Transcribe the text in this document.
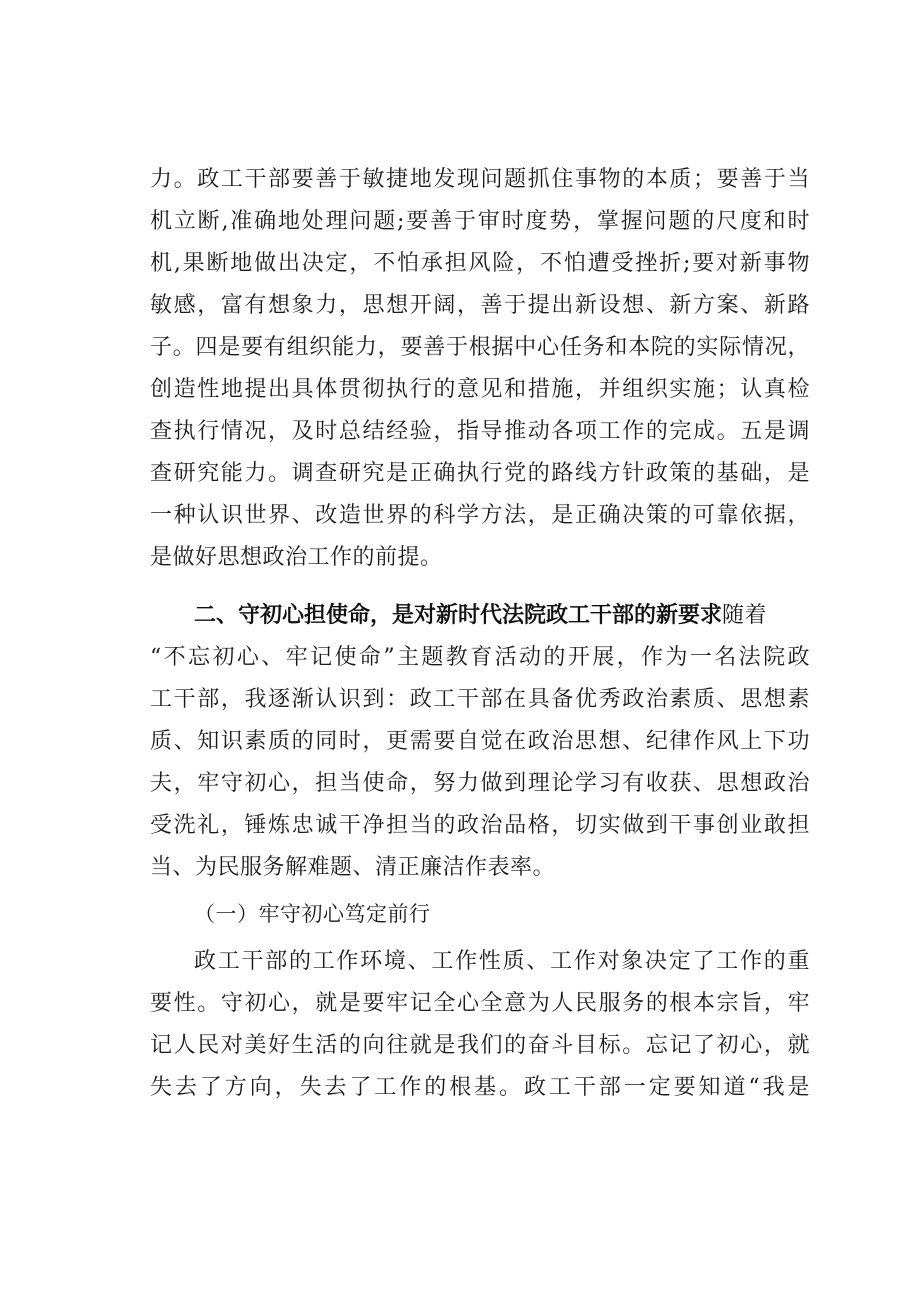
力。政工干部要善于敏捷地发现问题抓住事物的本质；要善于当
机立断,准确地处理问题;要善于审时度势，掌握问题的尺度和时
机,果断地做出决定，不怕承担风险，不怕遭受挫折;要对新事物
敏感，富有想象力，思想开阔，善于提出新设想、新方案、新路
子。四是要有组织能力，要善于根据中心任务和本院的实际情况，
创造性地提出具体贯彻执行的意见和措施，并组织实施；认真检
查执行情况，及时总结经验，指导推动各项工作的完成。五是调
查研究能力。调查研究是正确执行党的路线方针政策的基础，是
一种认识世界、改造世界的科学方法，是正确决策的可靠依据，
是做好思想政治工作的前提。
二、守初心担使命，是对新时代法院政工干部的新要求随着
“不忘初心、牢记使命”主题教育活动的开展，作为一名法院政
工干部，我逐渐认识到：政工干部在具备优秀政治素质、思想素
质、知识素质的同时，更需要自觉在政治思想、纪律作风上下功
夫，牢守初心，担当使命，努力做到理论学习有收获、思想政治
受洗礼，锤炼忠诚干净担当的政治品格，切实做到干事创业敢担
当、为民服务解难题、清正廉洁作表率。
（一）牢守初心笃定前行
政工干部的工作环境、工作性质、工作对象决定了工作的重
要性。守初心，就是要牢记全心全意为人民服务的根本宗旨，牢
记人民对美好生活的向往就是我们的奋斗目标。忘记了初心，就
失去了方向，失去了工作的根基。政工干部一定要知道“我是
